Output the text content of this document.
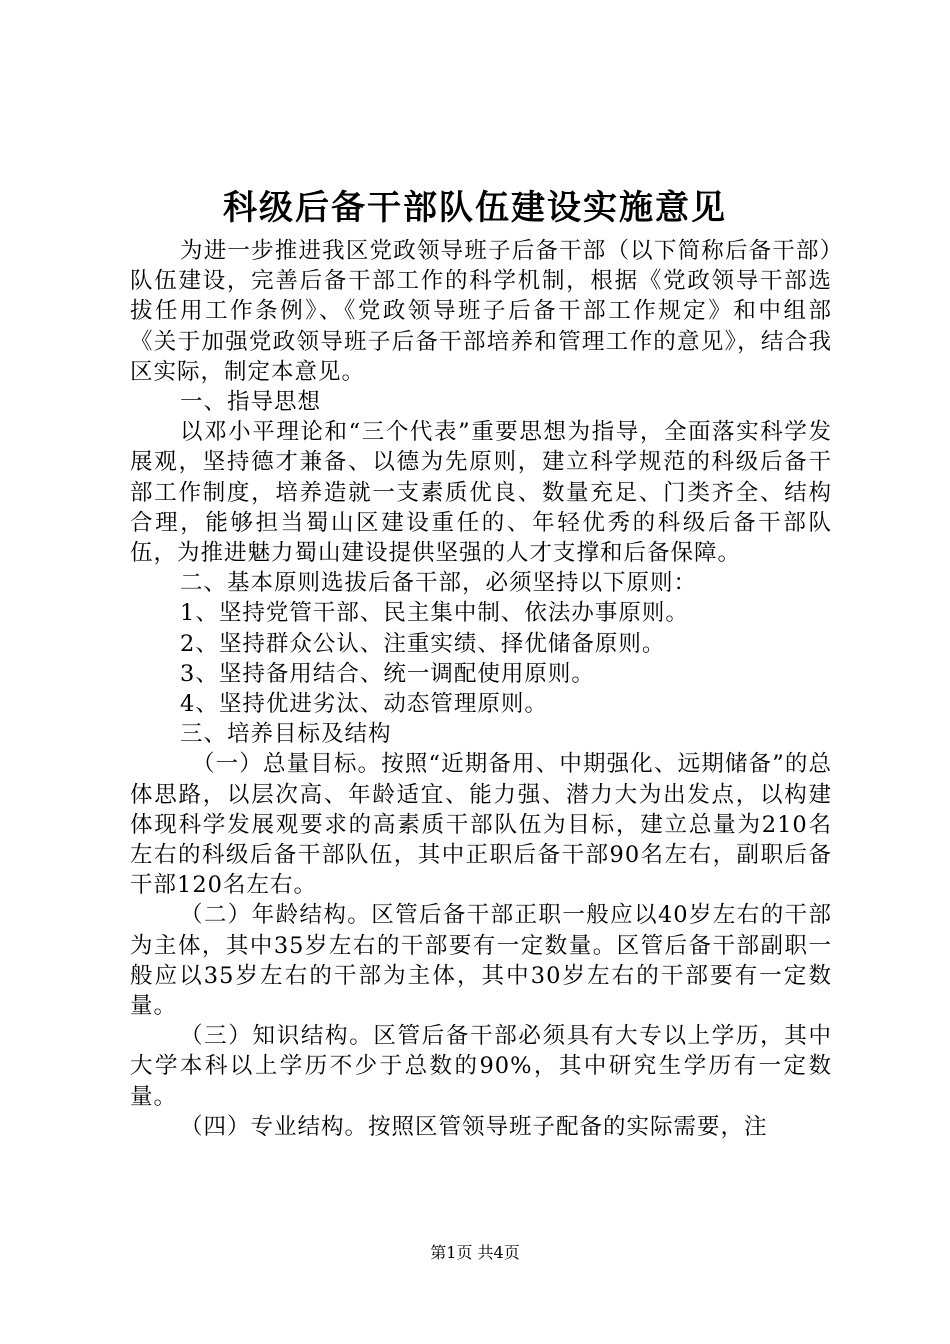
科级后备干部队伍建设实施意见

为进一步推进我区党政领导班子后备干部（以下简称后备干部）队伍建设，完善后备干部工作的科学机制，根据《党政领导干部选拔任用工作条例》、《党政领导班子后备干部工作规定》和中组部《关于加强党政领导班子后备干部培养和管理工作的意见》，结合我区实际，制定本意见。

一、指导思想

以邓小平理论和“三个代表”重要思想为指导，全面落实科学发展观，坚持德才兼备、以德为先原则，建立科学规范的科级后备干部工作制度，培养造就一支素质优良、数量充足、门类齐全、结构合理，能够担当蜀山区建设重任的、年轻优秀的科级后备干部队伍，为推进魅力蜀山建设提供坚强的人才支撑和后备保障。

二、基本原则选拔后备干部，必须坚持以下原则：

1、坚持党管干部、民主集中制、依法办事原则。

2、坚持群众公认、注重实绩、择优储备原则。

3、坚持备用结合、统一调配使用原则。

4、坚持优进劣汰、动态管理原则。

三、培养目标及结构

（一）总量目标。按照“近期备用、中期强化、远期储备”的总体思路，以层次高、年龄适宜、能力强、潜力大为出发点，以构建体现科学发展观要求的高素质干部队伍为目标，建立总量为210名左右的科级后备干部队伍，其中正职后备干部90名左右，副职后备干部120名左右。

（二）年龄结构。区管后备干部正职一般应以40岁左右的干部为主体，其中35岁左右的干部要有一定数量。区管后备干部副职一般应以35岁左右的干部为主体，其中30岁左右的干部要有一定数量。

（三）知识结构。区管后备干部必须具有大专以上学历，其中大学本科以上学历不少于总数的90%，其中研究生学历有一定数量。

（四）专业结构。按照区管领导班子配备的实际需要，注

第1页 共4页
